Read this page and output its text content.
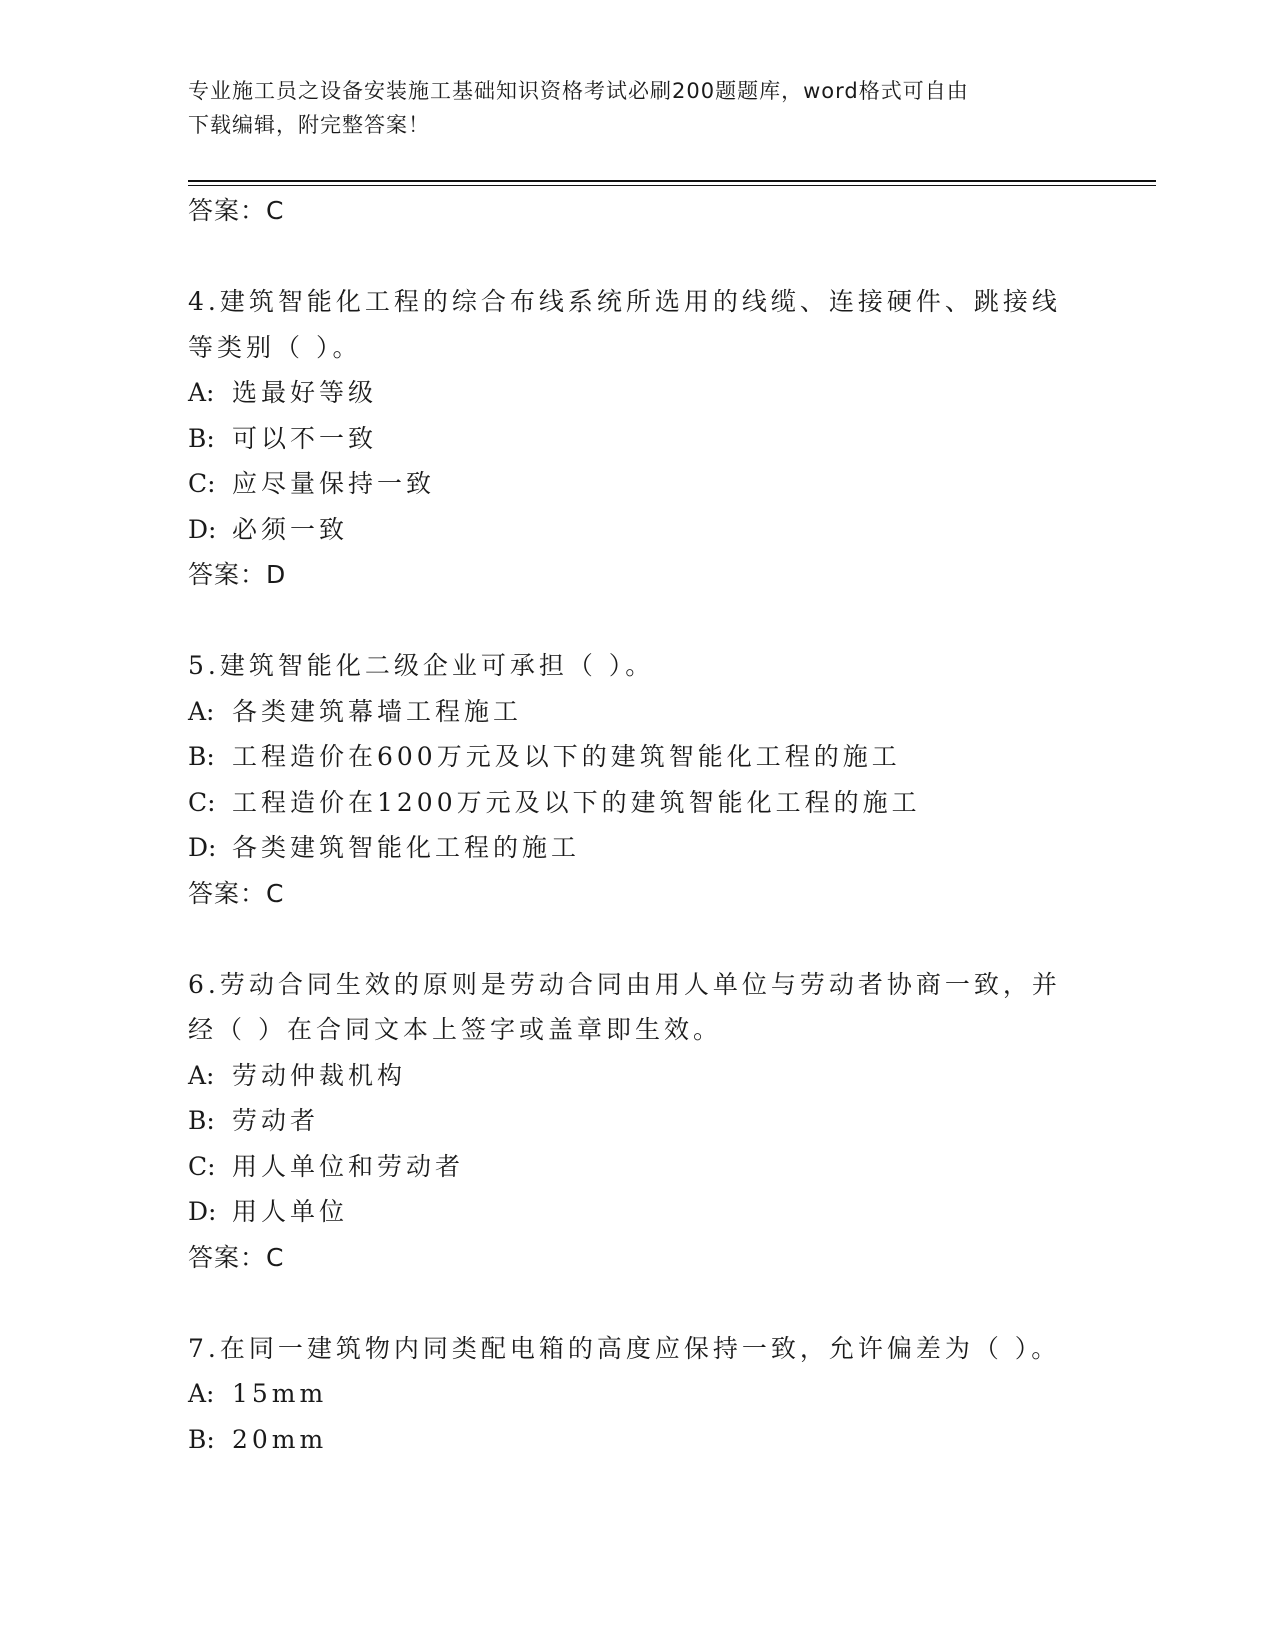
专业施工员之设备安装施工基础知识资格考试必刷200题题库，word格式可自由
下载编辑，附完整答案！
答案：C
4.建筑智能化工程的综合布线系统所选用的线缆、连接硬件、跳接线
等类别（ ）。
A: 选最好等级
B: 可以不一致
C: 应尽量保持一致
D: 必须一致
答案：D
5.建筑智能化二级企业可承担（ ）。
A: 各类建筑幕墙工程施工
B: 工程造价在600万元及以下的建筑智能化工程的施工
C: 工程造价在1200万元及以下的建筑智能化工程的施工
D: 各类建筑智能化工程的施工
答案：C
6.劳动合同生效的原则是劳动合同由用人单位与劳动者协商一致，并
经（ ）在合同文本上签字或盖章即生效。
A: 劳动仲裁机构
B: 劳动者
C: 用人单位和劳动者
D: 用人单位
答案：C
7.在同一建筑物内同类配电箱的高度应保持一致，允许偏差为（ ）。
A: 15mm
B: 20mm
